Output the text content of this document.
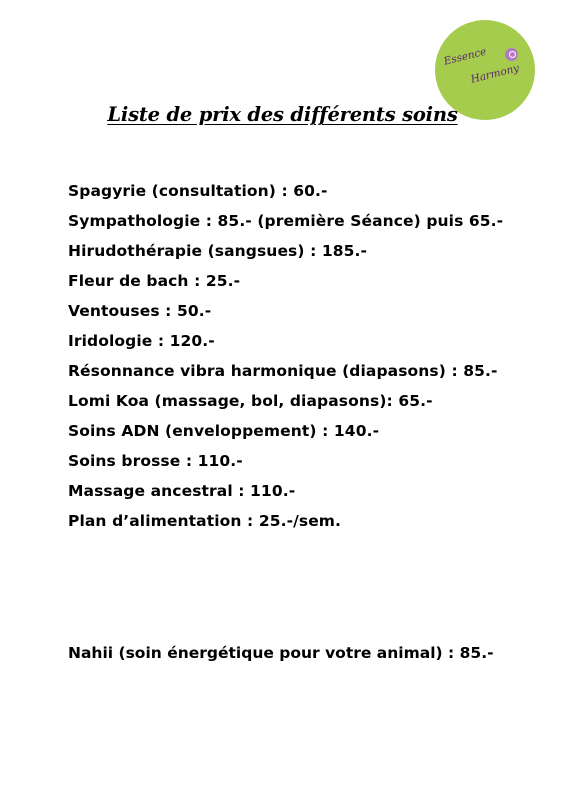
Essence
Harmony
Liste de prix des différents soins
Spagyrie (consultation) : 60.-
Sympathologie : 85.- (première Séance) puis 65.-
Hirudothérapie (sangsues) : 185.-
Fleur de bach : 25.-
Ventouses : 50.-
Iridologie : 120.-
Résonnance vibra harmonique (diapasons) : 85.-
Lomi Koa (massage, bol, diapasons): 65.-
Soins ADN (enveloppement) : 140.-
Soins brosse : 110.-
Massage ancestral : 110.-
Plan d’alimentation : 25.-/sem.
Nahii (soin énergétique pour votre animal) : 85.-
